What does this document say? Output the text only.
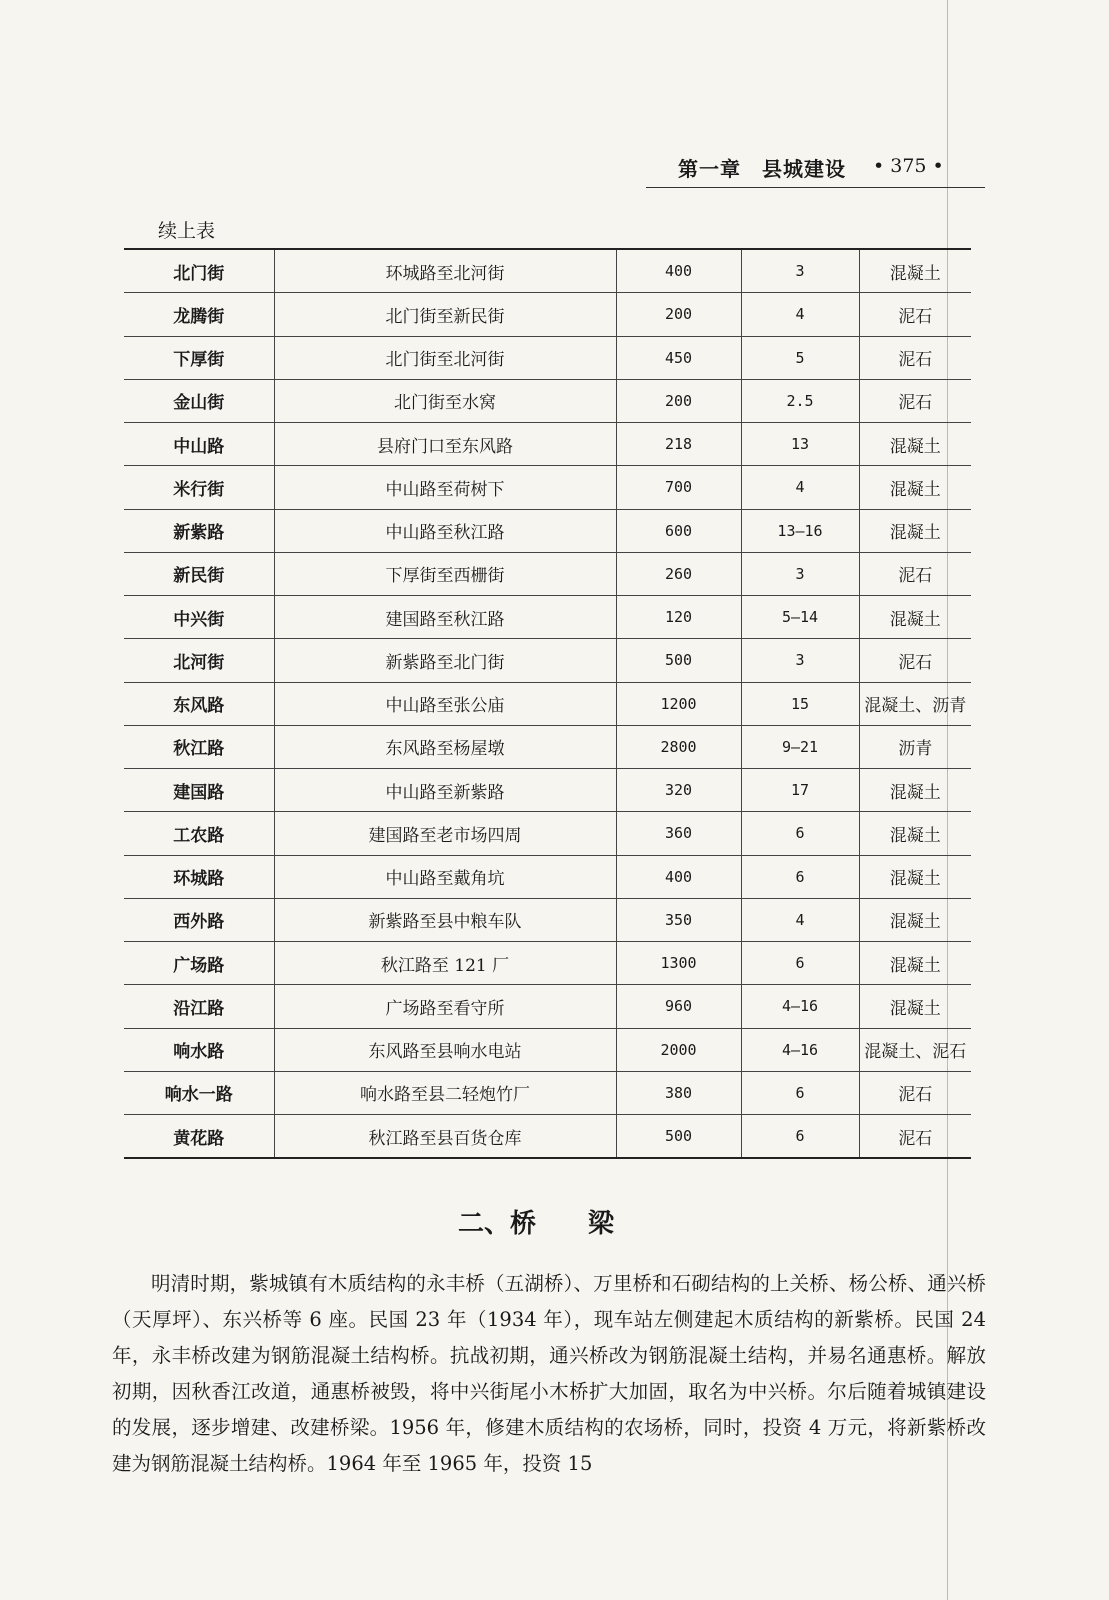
第一章　县城建设 • 375 •
续上表
北门街	环城路至北河街	400	3	混凝土
龙腾街	北门街至新民街	200	4	泥石
下厚街	北门街至北河街	450	5	泥石
金山街	北门街至水窝	200	2.5	泥石
中山路	县府门口至东风路	218	13	混凝土
米行街	中山路至荷树下	700	4	混凝土
新紫路	中山路至秋江路	600	13—16	混凝土
新民街	下厚街至西栅街	260	3	泥石
中兴街	建国路至秋江路	120	5—14	混凝土
北河街	新紫路至北门街	500	3	泥石
东风路	中山路至张公庙	1200	15	混凝土、沥青
秋江路	东风路至杨屋墩	2800	9—21	沥青
建国路	中山路至新紫路	320	17	混凝土
工农路	建国路至老市场四周	360	6	混凝土
环城路	中山路至戴角坑	400	6	混凝土
西外路	新紫路至县中粮车队	350	4	混凝土
广场路	秋江路至 121 厂	1300	6	混凝土
沿江路	广场路至看守所	960	4—16	混凝土
响水路	东风路至县响水电站	2000	4—16	混凝土、泥石
响水一路	响水路至县二轻炮竹厂	380	6	泥石
黄花路	秋江路至县百货仓库	500	6	泥石
二、桥　　梁

明清时期，紫城镇有木质结构的永丰桥（五湖桥）、万里桥和石砌结构的上关桥、杨公桥、通兴桥（天厚坪）、东兴桥等 6 座。民国 23 年（1934 年），现车站左侧建起木质结构的新紫桥。民国 24 年，永丰桥改建为钢筋混凝土结构桥。抗战初期，通兴桥改为钢筋混凝土结构，并易名通惠桥。解放初期，因秋香江改道，通惠桥被毁，将中兴街尾小木桥扩大加固，取名为中兴桥。尔后随着城镇建设的发展，逐步增建、改建桥梁。1956 年，修建木质结构的农场桥，同时，投资 4 万元，将新紫桥改建为钢筋混凝土结构桥。1964 年至 1965 年，投资 15
